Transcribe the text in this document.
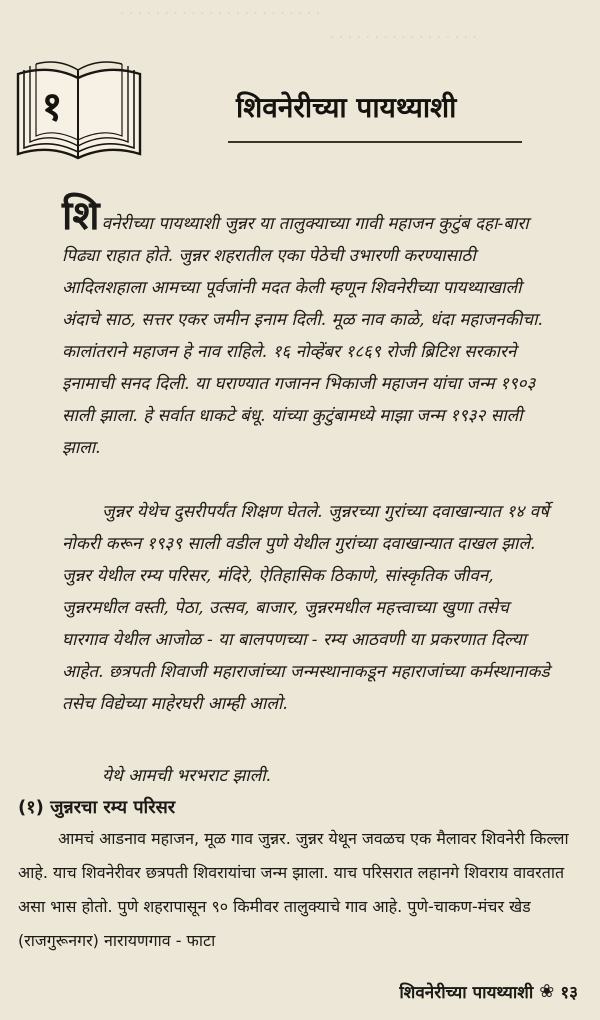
· · · · · · · · · · · · · · · · · · · · · · ·
· · · · · · · · · · · · · · · · ·
१	शिवनेरीच्या पायथ्याशी

शिवनेरीच्या पायथ्याशी जुन्नर या तालुक्याच्या गावी महाजन कुटुंब दहा-बारा पिढ्या राहात होते. जुन्नर शहरातील एका पेठेची उभारणी करण्यासाठी आदिलशहाला आमच्या पूर्वजांनी मदत केली म्हणून शिवनेरीच्या पायथ्याखाली अंदाचे साठ, सत्तर एकर जमीन इनाम दिली. मूळ नाव काळे, धंदा महाजनकीचा. कालांतराने महाजन हे नाव राहिले. १६ नोव्हेंबर १८६९ रोजी ब्रिटिश सरकारने इनामाची सनद दिली. या घराण्यात गजानन भिकाजी महाजन यांचा जन्म १९०३ साली झाला. हे सर्वात धाकटे बंधू. यांच्या कुटुंबामध्ये माझा जन्म १९३२ साली झाला.

जुन्नर येथेच दुसरीपर्यंत शिक्षण घेतले. जुन्नरच्या गुरांच्या दवाखान्यात १४ वर्षे नोकरी करून १९३९ साली वडील पुणे येथील गुरांच्या दवाखान्यात दाखल झाले. जुन्नर येथील रम्य परिसर, मंदिरे, ऐतिहासिक ठिकाणे, सांस्कृतिक जीवन, जुन्नरमधील वस्ती, पेठा, उत्सव, बाजार, जुन्नरमधील महत्त्वाच्या खुणा तसेच घारगाव येथील आजोळ - या बालपणच्या - रम्य आठवणी या प्रकरणात दिल्या आहेत. छत्रपती शिवाजी महाराजांच्या जन्मस्थानाकडून महाराजांच्या कर्मस्थानाकडे तसेच विद्येच्या माहेरघरी आम्ही आलो.

येथे आमची भरभराट झाली.

(१) जुन्नरचा रम्य परिसर

आमचं आडनाव महाजन, मूळ गाव जुन्नर. जुन्नर येथून जवळच एक मैलावर शिवनेरी किल्ला आहे. याच शिवनेरीवर छत्रपती शिवरायांचा जन्म झाला. याच परिसरात लहानगे शिवराय वावरतात असा भास होतो. पुणे शहरापासून ९० किमीवर तालुक्याचे गाव आहे. पुणे-चाकण-मंचर खेड (राजगुरूनगर) नारायणगाव - फाटा

शिवनेरीच्या पायथ्याशी ❀ १३
